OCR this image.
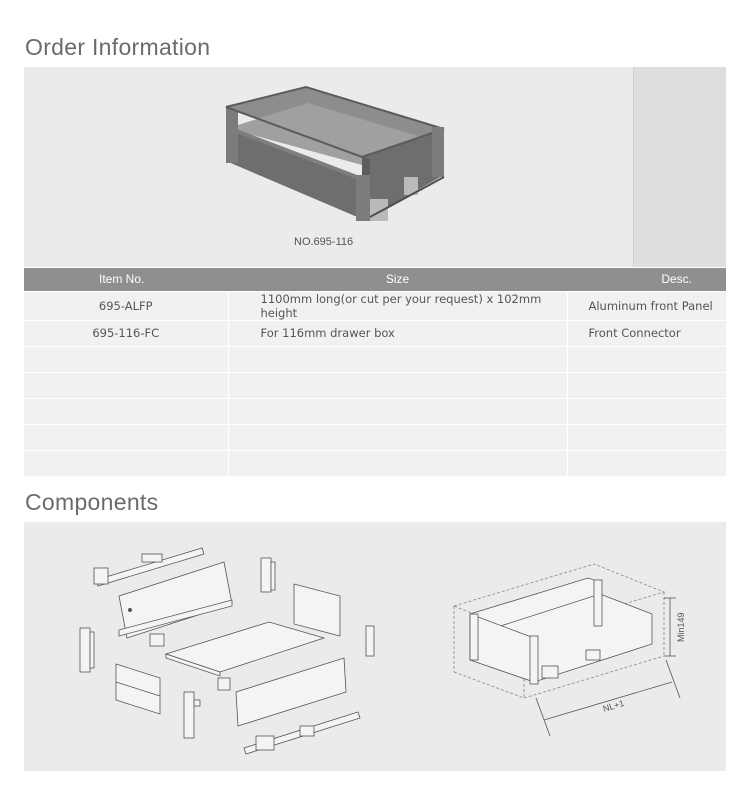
Order Information
NO.695-116
Item No.	Size	Desc.
695-ALFP	1100mm long(or cut per your request) x 102mm height	Aluminum front Panel
695-116-FC	For 116mm drawer box	Front Connector

Components
Min149
NL+1
